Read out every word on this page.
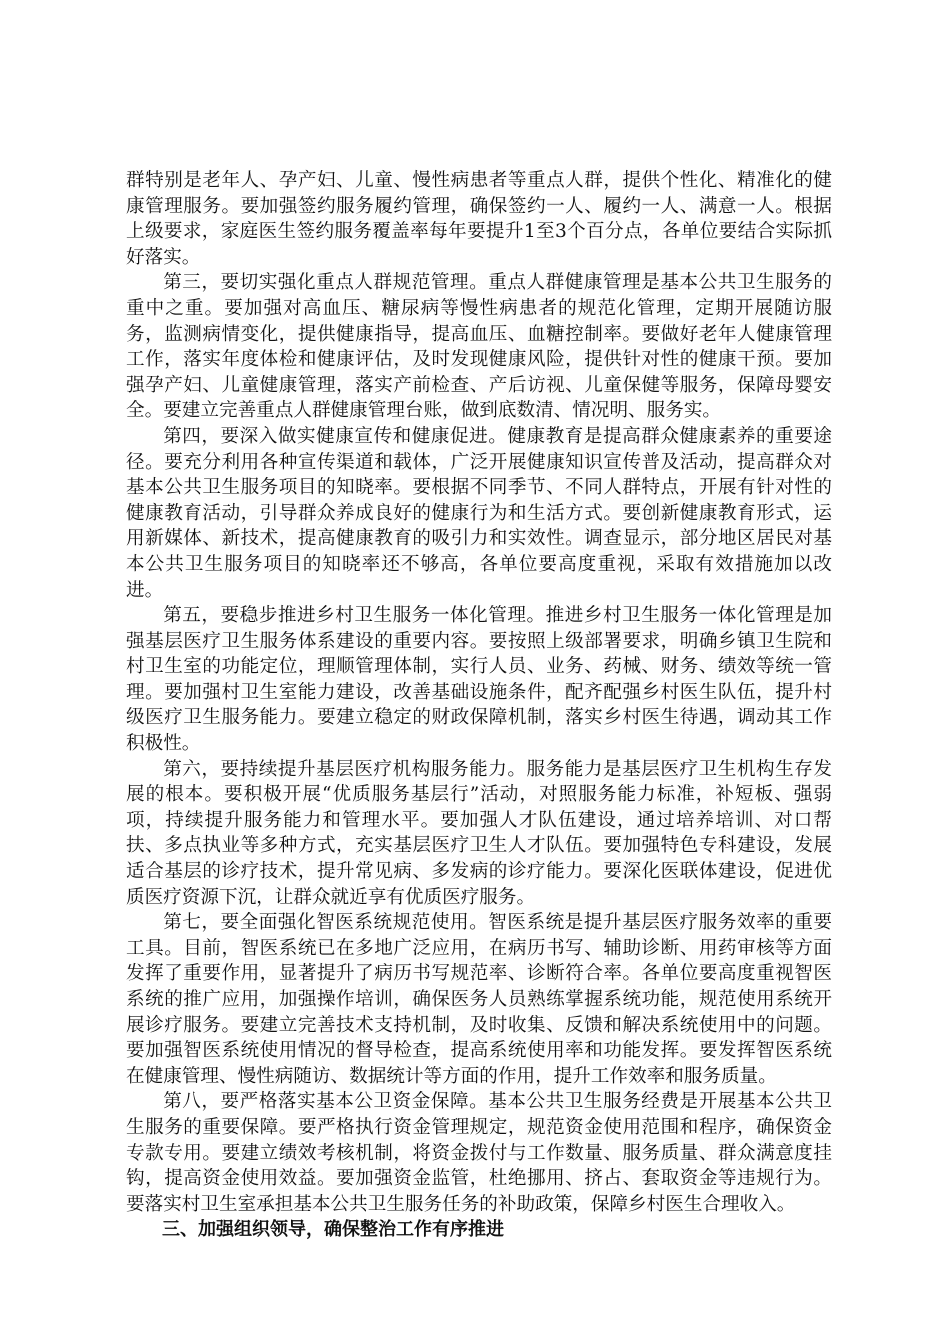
群特别是老年人、孕产妇、儿童、慢性病患者等重点人群，提供个性化、精准化的健康管理服务。要加强签约服务履约管理，确保签约一人、履约一人、满意一人。根据上级要求，家庭医生签约服务覆盖率每年要提升1至3个百分点，各单位要结合实际抓好落实。

第三，要切实强化重点人群规范管理。重点人群健康管理是基本公共卫生服务的重中之重。要加强对高血压、糖尿病等慢性病患者的规范化管理，定期开展随访服务，监测病情变化，提供健康指导，提高血压、血糖控制率。要做好老年人健康管理工作，落实年度体检和健康评估，及时发现健康风险，提供针对性的健康干预。要加强孕产妇、儿童健康管理，落实产前检查、产后访视、儿童保健等服务，保障母婴安全。要建立完善重点人群健康管理台账，做到底数清、情况明、服务实。

第四，要深入做实健康宣传和健康促进。健康教育是提高群众健康素养的重要途径。要充分利用各种宣传渠道和载体，广泛开展健康知识宣传普及活动，提高群众对基本公共卫生服务项目的知晓率。要根据不同季节、不同人群特点，开展有针对性的健康教育活动，引导群众养成良好的健康行为和生活方式。要创新健康教育形式，运用新媒体、新技术，提高健康教育的吸引力和实效性。调查显示，部分地区居民对基本公共卫生服务项目的知晓率还不够高，各单位要高度重视，采取有效措施加以改进。

第五，要稳步推进乡村卫生服务一体化管理。推进乡村卫生服务一体化管理是加强基层医疗卫生服务体系建设的重要内容。要按照上级部署要求，明确乡镇卫生院和村卫生室的功能定位，理顺管理体制，实行人员、业务、药械、财务、绩效等统一管理。要加强村卫生室能力建设，改善基础设施条件，配齐配强乡村医生队伍，提升村级医疗卫生服务能力。要建立稳定的财政保障机制，落实乡村医生待遇，调动其工作积极性。

第六，要持续提升基层医疗机构服务能力。服务能力是基层医疗卫生机构生存发展的根本。要积极开展“优质服务基层行”活动，对照服务能力标准，补短板、强弱项，持续提升服务能力和管理水平。要加强人才队伍建设，通过培养培训、对口帮扶、多点执业等多种方式，充实基层医疗卫生人才队伍。要加强特色专科建设，发展适合基层的诊疗技术，提升常见病、多发病的诊疗能力。要深化医联体建设，促进优质医疗资源下沉，让群众就近享有优质医疗服务。

第七，要全面强化智医系统规范使用。智医系统是提升基层医疗服务效率的重要工具。目前，智医系统已在多地广泛应用，在病历书写、辅助诊断、用药审核等方面发挥了重要作用，显著提升了病历书写规范率、诊断符合率。各单位要高度重视智医系统的推广应用，加强操作培训，确保医务人员熟练掌握系统功能，规范使用系统开展诊疗服务。要建立完善技术支持机制，及时收集、反馈和解决系统使用中的问题。要加强智医系统使用情况的督导检查，提高系统使用率和功能发挥。要发挥智医系统在健康管理、慢性病随访、数据统计等方面的作用，提升工作效率和服务质量。

第八，要严格落实基本公卫资金保障。基本公共卫生服务经费是开展基本公共卫生服务的重要保障。要严格执行资金管理规定，规范资金使用范围和程序，确保资金专款专用。要建立绩效考核机制，将资金拨付与工作数量、服务质量、群众满意度挂钩，提高资金使用效益。要加强资金监管，杜绝挪用、挤占、套取资金等违规行为。要落实村卫生室承担基本公共卫生服务任务的补助政策，保障乡村医生合理收入。

三、加强组织领导，确保整治工作有序推进
